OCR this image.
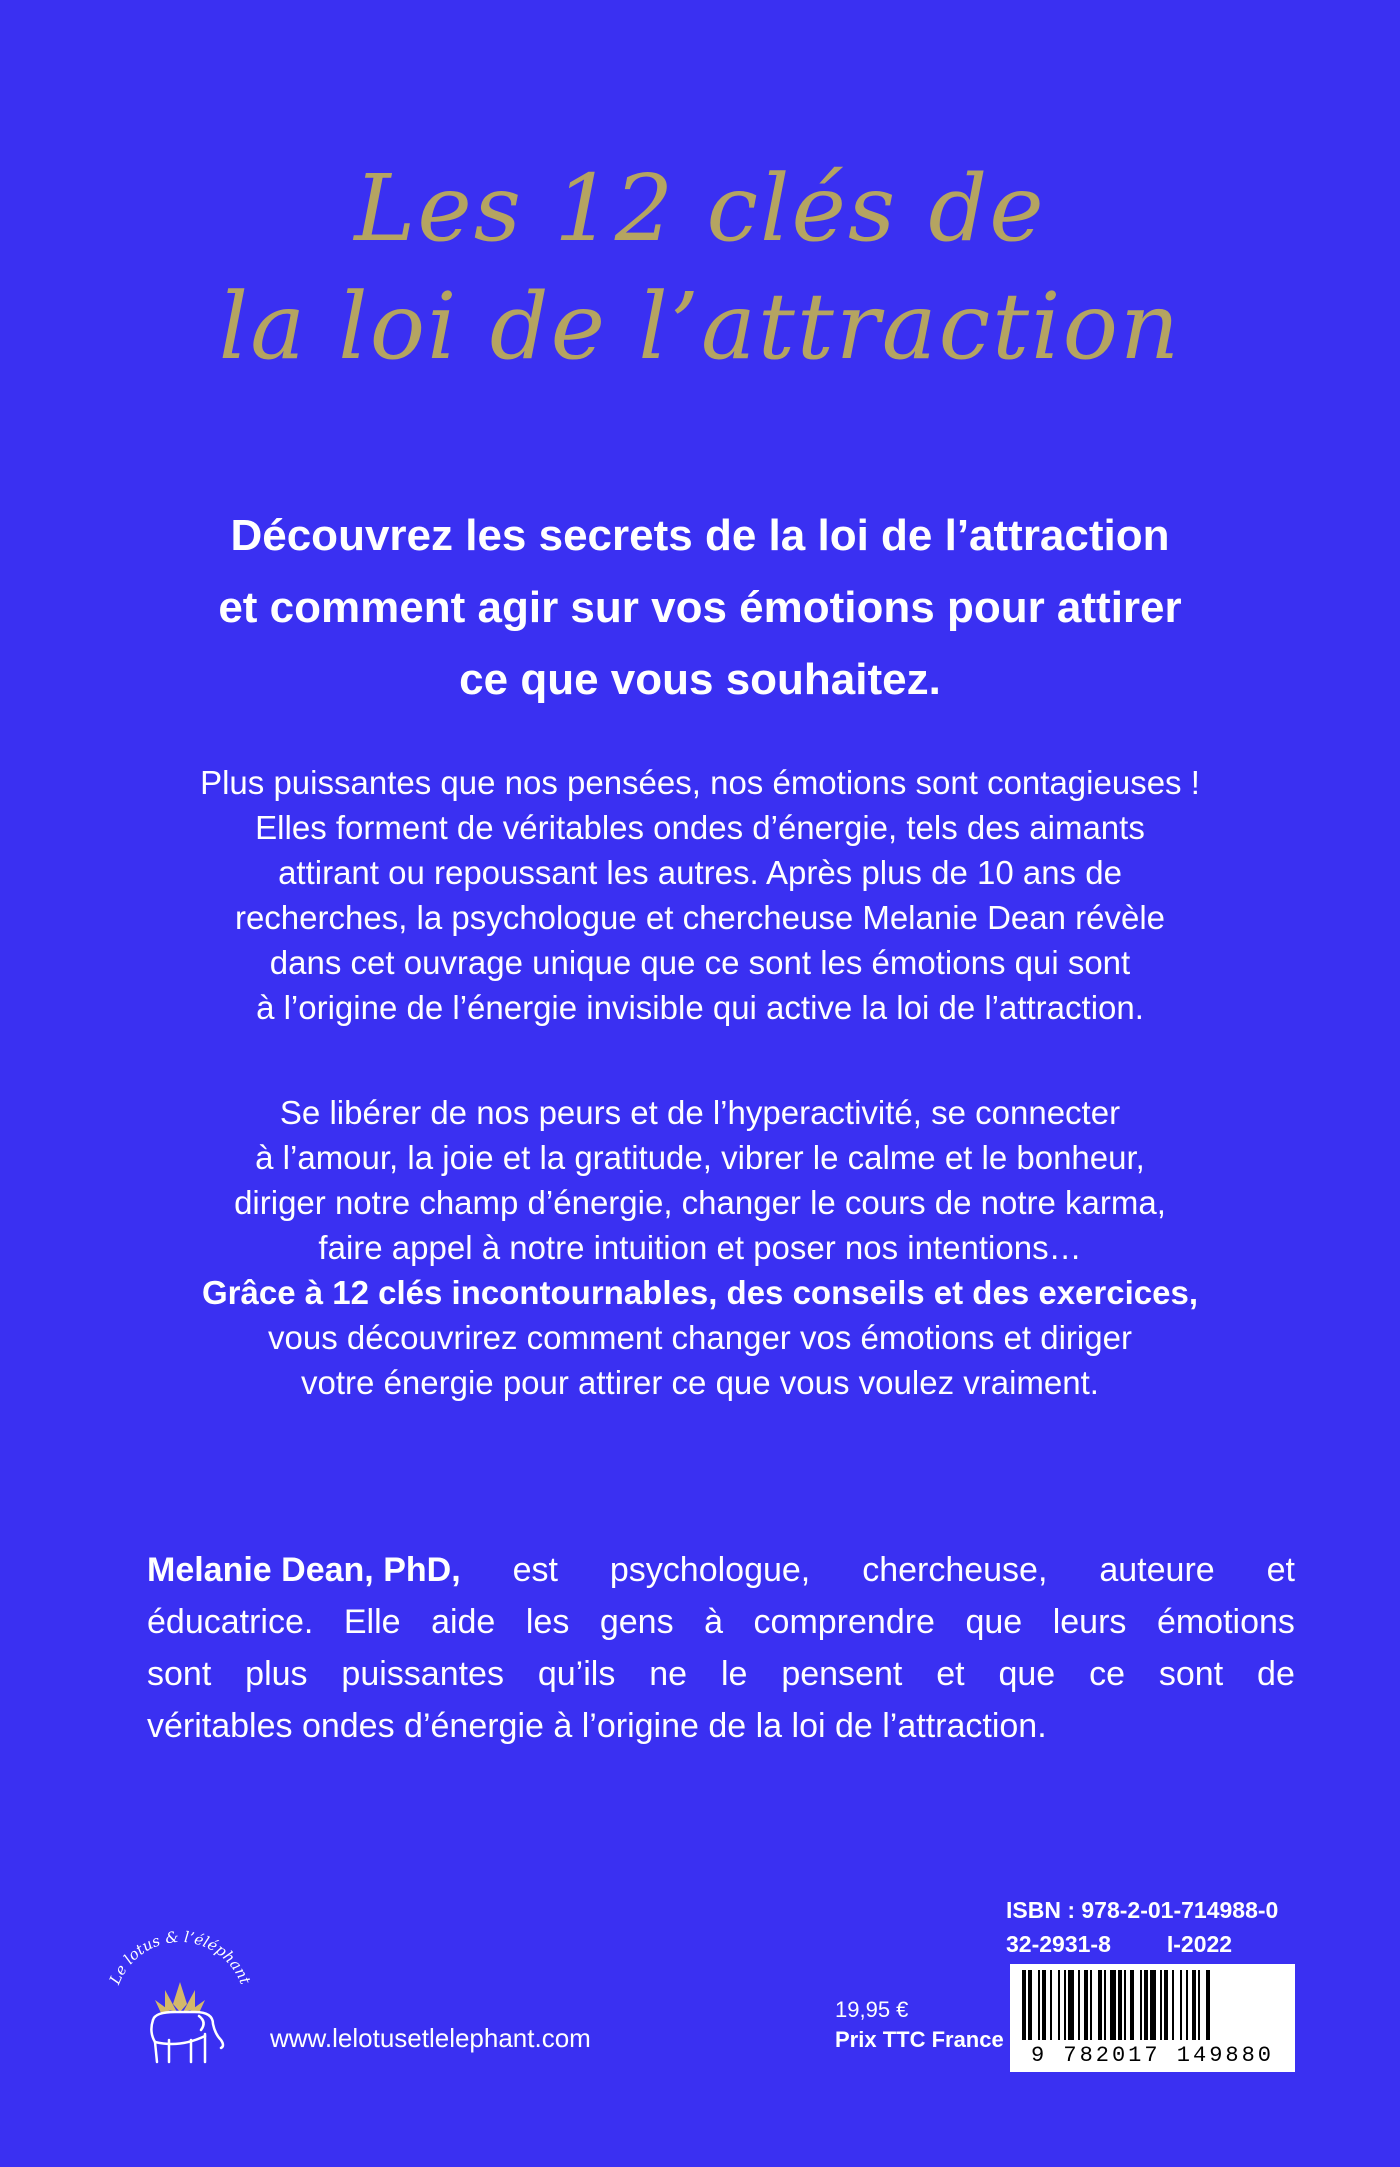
Les 12 clés de
la loi de l’attraction
Découvrez les secrets de la loi de l’attraction
et comment agir sur vos émotions pour attirer
ce que vous souhaitez.
Plus puissantes que nos pensées, nos émotions sont contagieuses !
Elles forment de véritables ondes d’énergie, tels des aimants
attirant ou repoussant les autres. Après plus de 10 ans de
recherches, la psychologue et chercheuse Melanie Dean révèle
dans cet ouvrage unique que ce sont les émotions qui sont
à l’origine de l’énergie invisible qui active la loi de l’attraction.
Se libérer de nos peurs et de l’hyperactivité, se connecter
à l’amour, la joie et la gratitude, vibrer le calme et le bonheur,
diriger notre champ d’énergie, changer le cours de notre karma,
faire appel à notre intuition et poser nos intentions…
Grâce à 12 clés incontournables, des conseils et des exercices,
vous découvrirez comment changer vos émotions et diriger
votre énergie pour attirer ce que vous voulez vraiment.
Melanie Dean, PhD, est psychologue, chercheuse, auteure et
éducatrice. Elle aide les gens à comprendre que leurs émotions
sont plus puissantes qu’ils ne le pensent et que ce sont de
véritables ondes d’énergie à l’origine de la loi de l’attraction.
ISBN : 978-2-01-714988-0
32-2931-8 I-2022
19,95 €
Prix TTC France
9 782017 149880
Le lotus & l’éléphant
www.lelotusetlelephant.com
